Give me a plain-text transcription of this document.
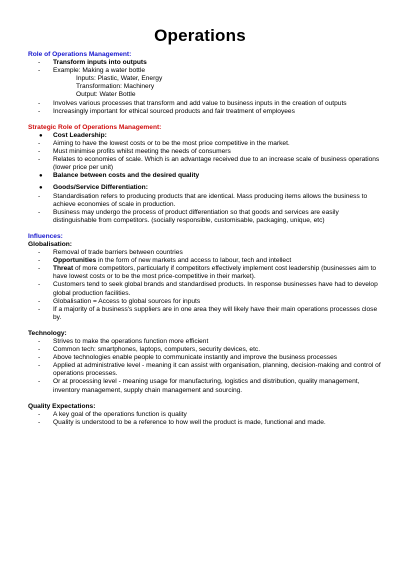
Operations
Role of Operations Management:
-	Transform inputs into outputs
-	Example: Making a water bottle
Inputs: Plastic, Water, Energy
Transformation: Machinery
Output: Water Bottle
-	Involves various processes that transform and add value to business inputs in the creation of outputs
-	Increasingly important for ethical sourced products and fair treatment of employees
Strategic Role of Operations Management:
●	Cost Leadership:
-	Aiming to have the lowest costs or to be the most price competitive in the market.
-	Must minimise profits whilst meeting the needs of consumers
-	Relates to economies of scale. Which is an advantage received due to an increase scale of business operations (lower price per unit)
●	Balance between costs and the desired quality
●	Goods/Service Differentiation:
-	Standardisation refers to producing products that are identical. Mass producing items allows the business to achieve economies of scale in production.
-	Business may undergo the process of product differentiation so that goods and services are easily distinguishable from competitors. (socially responsible, customisable, packaging, unique, etc)
Influences:
Globalisation:
-	Removal of trade barriers between countries
-	Opportunities in the form of new markets and access to labour, tech and intellect
-	Threat of more competitors, particularly if competitors effectively implement cost leadership (businesses aim to have lowest costs or to be the most price-competitive in their market).
-	Customers tend to seek global brands and standardised products. In response businesses have had to develop global production facilities.
-	Globalisation = Access to global sources for inputs
-	If a majority of a business's suppliers are in one area they will likely have their main operations processes close by.
Technology:
-	Strives to make the operations function more efficient
-	Common tech: smartphones, laptops, computers, security devices, etc.
-	Above technologies enable people to communicate instantly and improve the business processes
-	Applied at administrative level - meaning it can assist with organisation, planning, decision-making and control of operations processes.
-	Or at processing level - meaning usage for manufacturing, logistics and distribution, quality management, inventory management, supply chain management and sourcing.
Quality Expectations:
-	A key goal of the operations function is quality
-	Quality is understood to be a reference to how well the product is made, functional and made.
